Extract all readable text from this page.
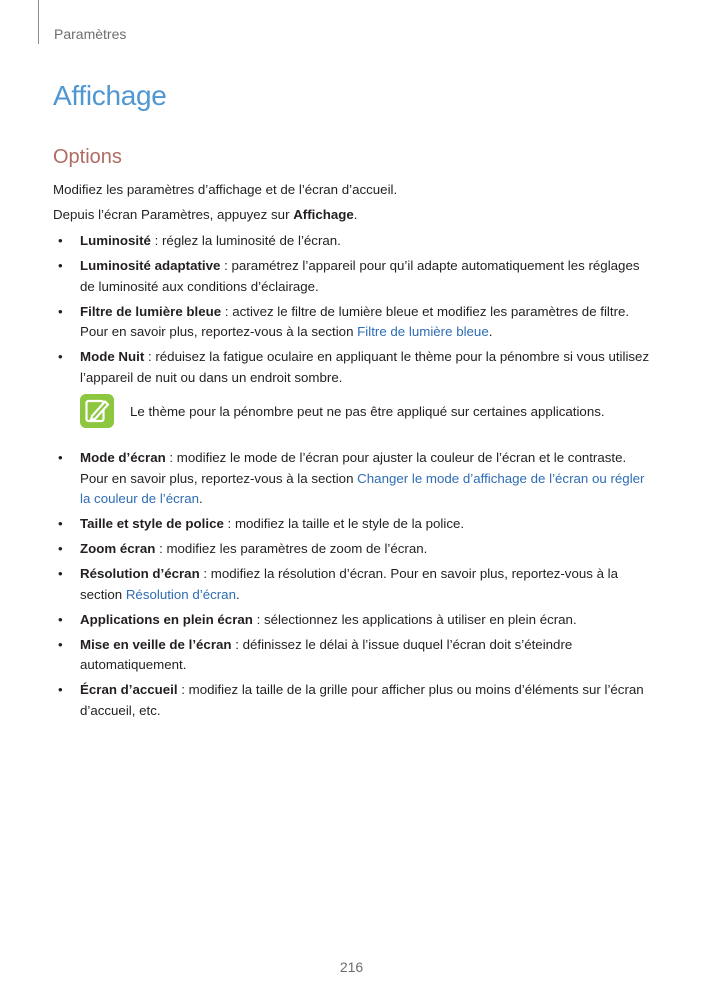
Paramètres
Affichage
Options
Modifiez les paramètres d’affichage et de l’écran d’accueil.
Depuis l’écran Paramètres, appuyez sur Affichage.
• Luminosité : réglez la luminosité de l’écran.
• Luminosité adaptative : paramétrez l’appareil pour qu’il adapte automatiquement les réglages de luminosité aux conditions d’éclairage.
• Filtre de lumière bleue : activez le filtre de lumière bleue et modifiez les paramètres de filtre. Pour en savoir plus, reportez-vous à la section Filtre de lumière bleue.
• Mode Nuit : réduisez la fatigue oculaire en appliquant le thème pour la pénombre si vous utilisez l’appareil de nuit ou dans un endroit sombre.
Le thème pour la pénombre peut ne pas être appliqué sur certaines applications.
• Mode d’écran : modifiez le mode de l’écran pour ajuster la couleur de l’écran et le contraste. Pour en savoir plus, reportez-vous à la section Changer le mode d’affichage de l’écran ou régler la couleur de l’écran.
• Taille et style de police : modifiez la taille et le style de la police.
• Zoom écran : modifiez les paramètres de zoom de l’écran.
• Résolution d’écran : modifiez la résolution d’écran. Pour en savoir plus, reportez-vous à la section Résolution d’écran.
• Applications en plein écran : sélectionnez les applications à utiliser en plein écran.
• Mise en veille de l’écran : définissez le délai à l’issue duquel l’écran doit s’éteindre automatiquement.
• Écran d’accueil : modifiez la taille de la grille pour afficher plus ou moins d’éléments sur l’écran d’accueil, etc.
216
